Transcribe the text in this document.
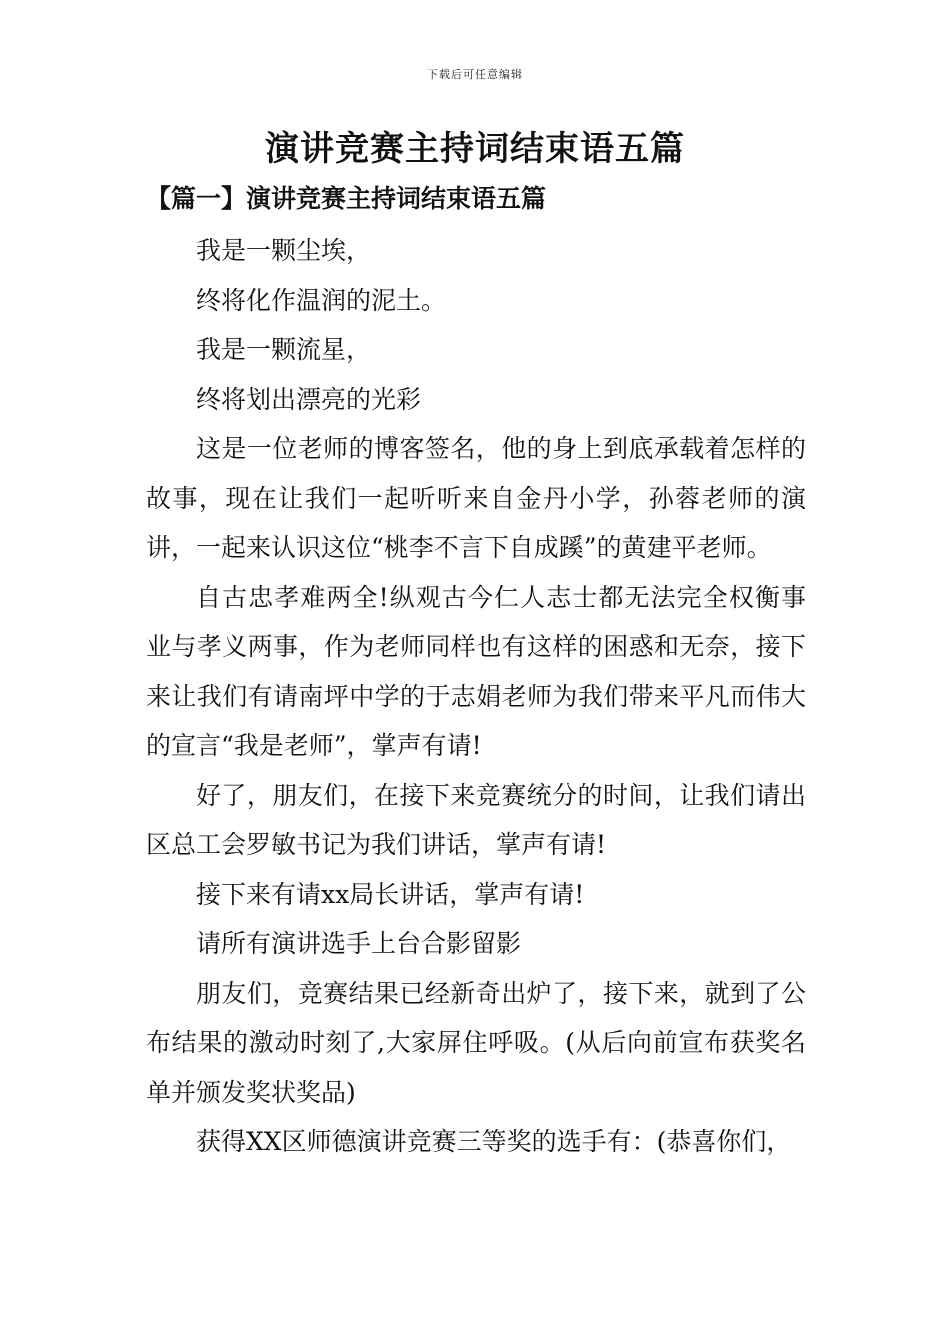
下载后可任意编辑
演讲竞赛主持词结束语五篇
【篇一】演讲竞赛主持词结束语五篇

我是一颗尘埃，

终将化作温润的泥土。

我是一颗流星，

终将划出漂亮的光彩

这是一位老师的博客签名，他的身上到底承载着怎样的故事，现在让我们一起听听来自金丹小学，孙蓉老师的演讲，一起来认识这位“桃李不言下自成蹊”的黄建平老师。

自古忠孝难两全!纵观古今仁人志士都无法完全权衡事业与孝义两事，作为老师同样也有这样的困惑和无奈，接下来让我们有请南坪中学的于志娟老师为我们带来平凡而伟大的宣言“我是老师”，掌声有请!

好了，朋友们，在接下来竞赛统分的时间，让我们请出区总工会罗敏书记为我们讲话，掌声有请!

接下来有请xx局长讲话，掌声有请!

请所有演讲选手上台合影留影

朋友们，竞赛结果已经新奇出炉了，接下来，就到了公布结果的激动时刻了,大家屏住呼吸。(从后向前宣布获奖名单并颁发奖状奖品)

获得XX区师德演讲竞赛三等奖的选手有：(恭喜你们，
